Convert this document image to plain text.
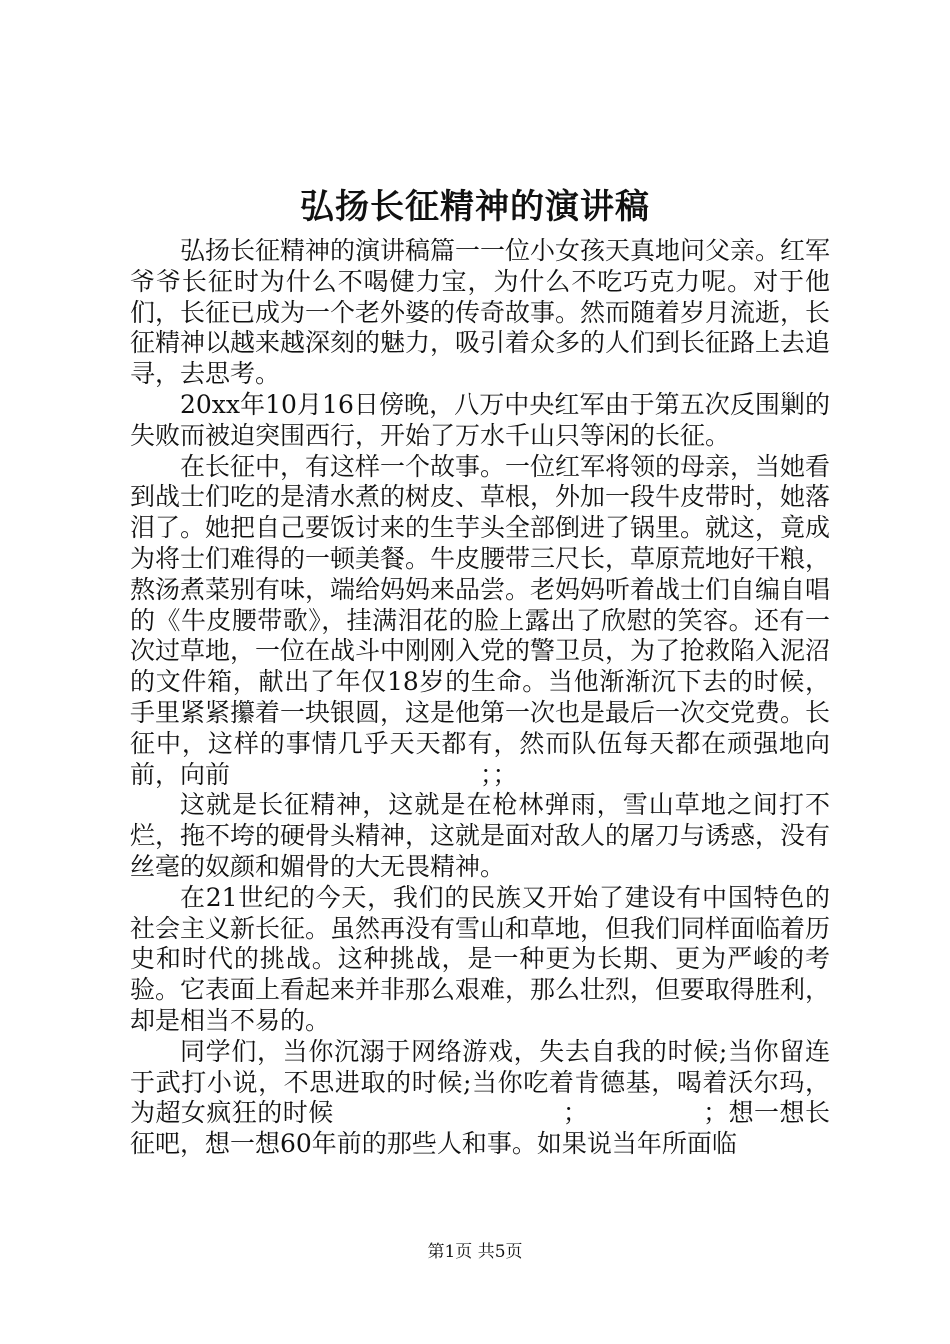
弘扬长征精神的演讲稿

弘扬长征精神的演讲稿篇一一位小女孩天真地问父亲。红军爷爷长征时为什么不喝健力宝，为什么不吃巧克力呢。对于他们，长征已成为一个老外婆的传奇故事。然而随着岁月流逝，长征精神以越来越深刻的魅力，吸引着众多的人们到长征路上去追寻，去思考。

20xx年10月16日傍晚，八万中央红军由于第五次反围剿的失败而被迫突围西行，开始了万水千山只等闲的长征。

在长征中，有这样一个故事。一位红军将领的母亲，当她看到战士们吃的是清水煮的树皮、草根，外加一段牛皮带时，她落泪了。她把自己要饭讨来的生芋头全部倒进了锅里。就这，竟成为将士们难得的一顿美餐。牛皮腰带三尺长，草原荒地好干粮，熬汤煮菜别有味，端给妈妈来品尝。老妈妈听着战士们自编自唱的《牛皮腰带歌》，挂满泪花的脸上露出了欣慰的笑容。还有一次过草地，一位在战斗中刚刚入党的警卫员，为了抢救陷入泥沼的文件箱，献出了年仅18岁的生命。当他渐渐沉下去的时候，手里紧紧攥着一块银圆，这是他第一次也是最后一次交党费。长征中，这样的事情几乎天天都有，然而队伍每天都在顽强地向前，向前　　　　　　　　　　；；

这就是长征精神，这就是在枪林弹雨，雪山草地之间打不烂，拖不垮的硬骨头精神，这就是面对敌人的屠刀与诱惑，没有丝毫的奴颜和媚骨的大无畏精神。

在21世纪的今天，我们的民族又开始了建设有中国特色的社会主义新长征。虽然再没有雪山和草地，但我们同样面临着历史和时代的挑战。这种挑战，是一种更为长期、更为严峻的考验。它表面上看起来并非那么艰难，那么壮烈，但要取得胜利，却是相当不易的。

同学们，当你沉溺于网络游戏，失去自我的时候;当你留连于武打小说，不思进取的时候;当你吃着肯德基，喝着沃尔玛，为超女疯狂的时候　　　　　　　　　；　　　　　；想一想长征吧，想一想60年前的那些人和事。如果说当年所面临

第1页 共5页
